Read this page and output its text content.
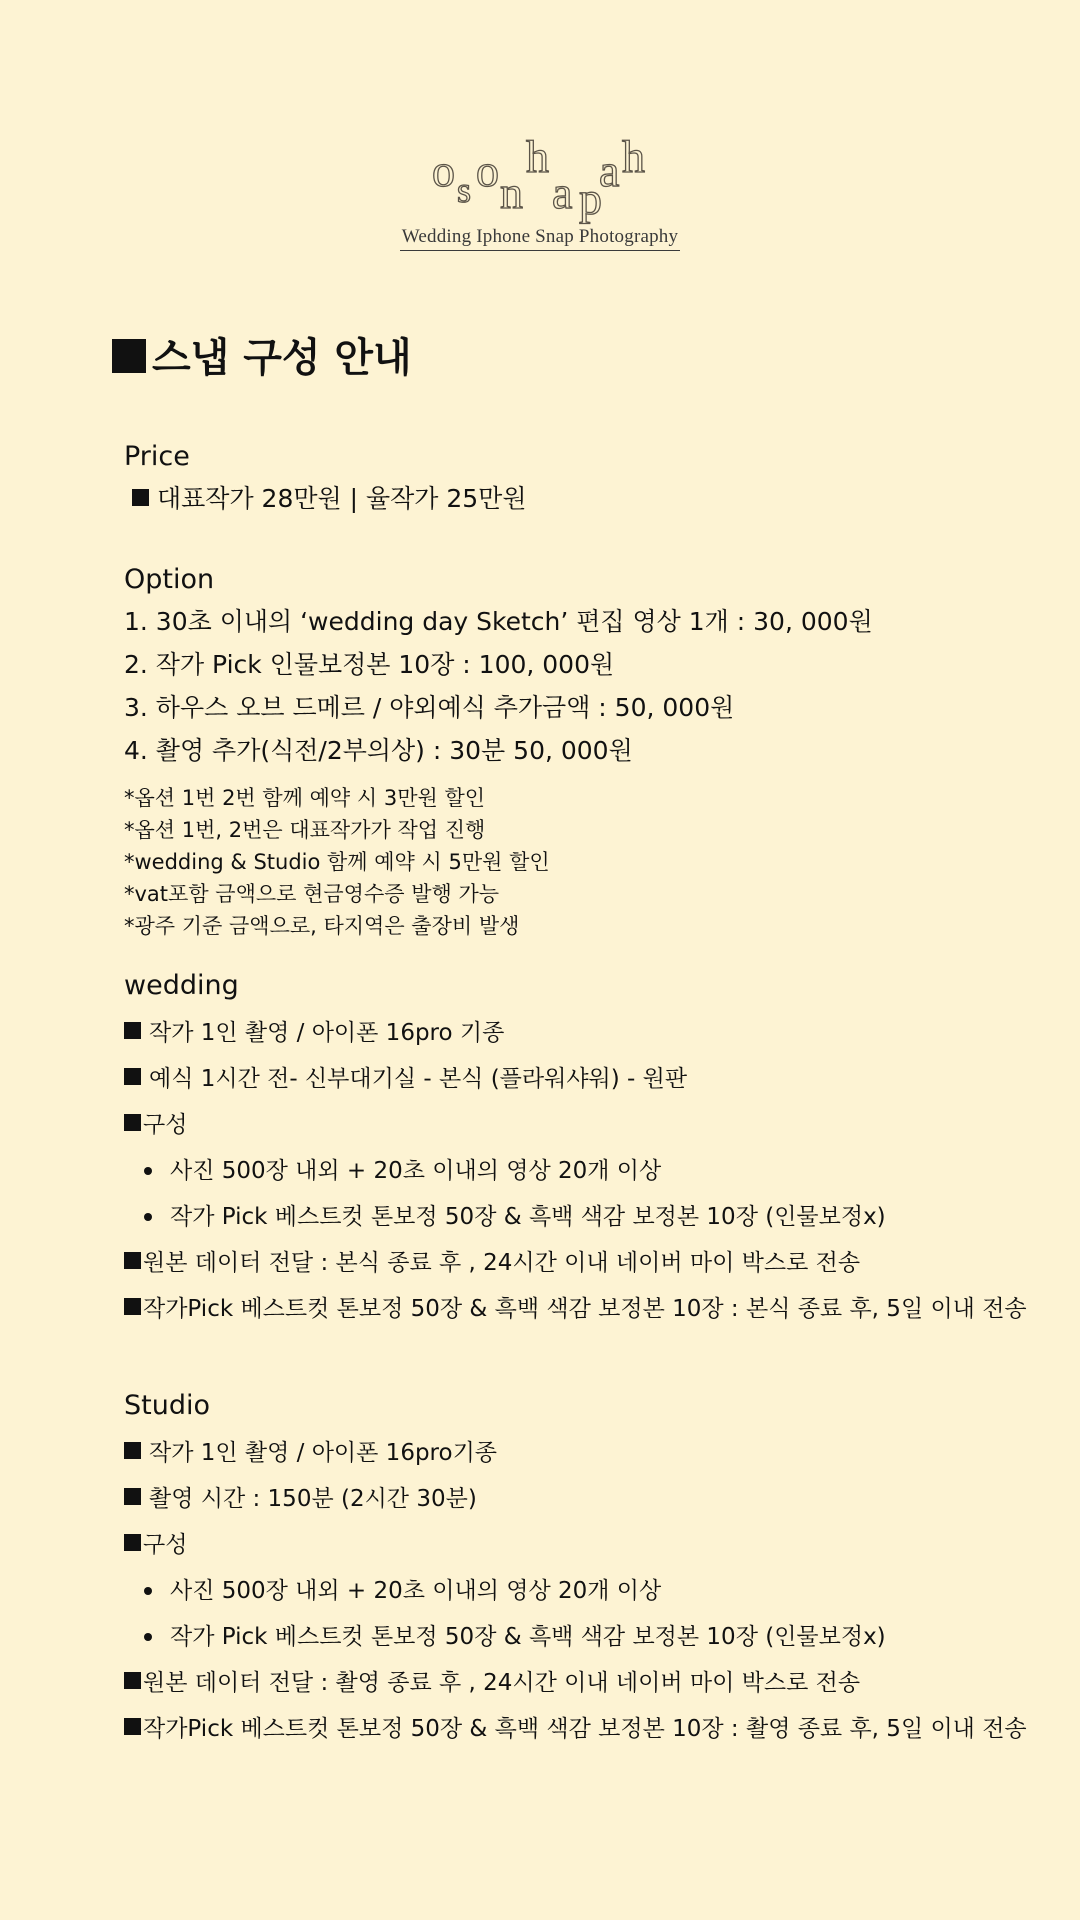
o s o n
h
a p
a h
Wedding Iphone Snap Photography
스냅 구성 안내
Price
대표작가 28만원 | 율작가 25만원
Option
1. 30초 이내의 ‘wedding day Sketch’ 편집 영상 1개 : 30, 000원
2. 작가 Pick 인물보정본 10장 : 100, 000원
3. 하우스 오브 드메르 / 야외예식 추가금액 : 50, 000원
4. 촬영 추가(식전/2부의상) : 30분 50, 000원
*옵션 1번 2번 함께 예약 시 3만원 할인
*옵션 1번, 2번은 대표작가가 작업 진행
*wedding & Studio 함께 예약 시 5만원 할인
*vat포함 금액으로 현금영수증 발행 가능
*광주 기준 금액으로, 타지역은 출장비 발생
wedding
작가 1인 촬영 / 아이폰 16pro 기종
예식 1시간 전- 신부대기실 - 본식 (플라워샤워) - 원판
구성
사진 500장 내외 + 20초 이내의 영상 20개 이상
작가 Pick 베스트컷 톤보정 50장 & 흑백 색감 보정본 10장 (인물보정x)
원본 데이터 전달 : 본식 종료 후 , 24시간 이내 네이버 마이 박스로 전송
작가Pick 베스트컷 톤보정 50장 & 흑백 색감 보정본 10장 : 본식 종료 후, 5일 이내 전송
Studio
작가 1인 촬영 / 아이폰 16pro기종
촬영 시간 : 150분 (2시간 30분)
구성
사진 500장 내외 + 20초 이내의 영상 20개 이상
작가 Pick 베스트컷 톤보정 50장 & 흑백 색감 보정본 10장 (인물보정x)
원본 데이터 전달 : 촬영 종료 후 , 24시간 이내 네이버 마이 박스로 전송
작가Pick 베스트컷 톤보정 50장 & 흑백 색감 보정본 10장 : 촬영 종료 후, 5일 이내 전송
